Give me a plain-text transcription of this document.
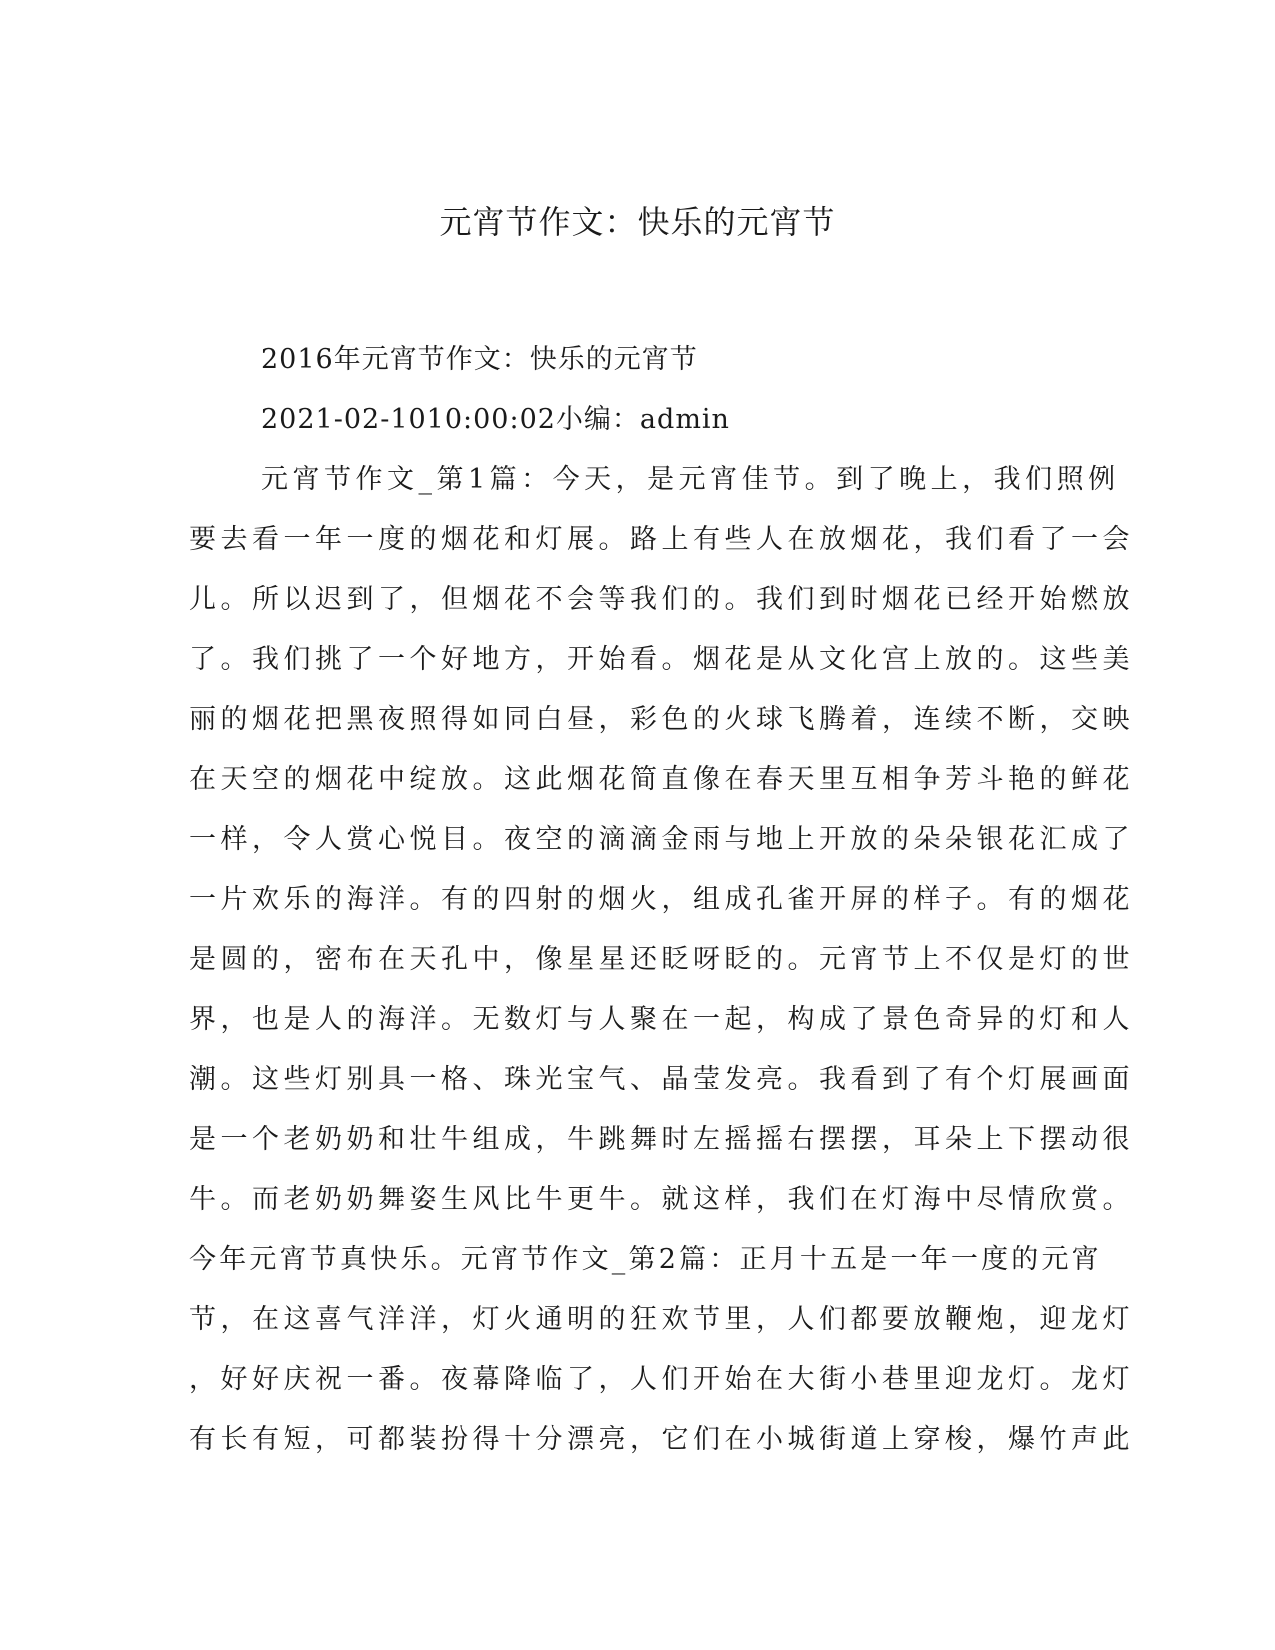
元宵节作文：快乐的元宵节
2016年元宵节作文：快乐的元宵节
2021-02-1010:00:02小编：admin
元宵节作文_第1篇：今天，是元宵佳节。到了晚上，我们照例
要去看一年一度的烟花和灯展。路上有些人在放烟花，我们看了一会
儿。所以迟到了，但烟花不会等我们的。我们到时烟花已经开始燃放
了。我们挑了一个好地方，开始看。烟花是从文化宫上放的。这些美
丽的烟花把黑夜照得如同白昼，彩色的火球飞腾着，连续不断，交映
在天空的烟花中绽放。这此烟花简直像在春天里互相争芳斗艳的鲜花
一样，令人赏心悦目。夜空的滴滴金雨与地上开放的朵朵银花汇成了
一片欢乐的海洋。有的四射的烟火，组成孔雀开屏的样子。有的烟花
是圆的，密布在天孔中，像星星还眨呀眨的。元宵节上不仅是灯的世
界，也是人的海洋。无数灯与人聚在一起，构成了景色奇异的灯和人
潮。这些灯别具一格、珠光宝气、晶莹发亮。我看到了有个灯展画面
是一个老奶奶和壮牛组成，牛跳舞时左摇摇右摆摆，耳朵上下摆动很
牛。而老奶奶舞姿生风比牛更牛。就这样，我们在灯海中尽情欣赏。
今年元宵节真快乐。元宵节作文_第2篇：正月十五是一年一度的元宵
节，在这喜气洋洋，灯火通明的狂欢节里，人们都要放鞭炮，迎龙灯
，好好庆祝一番。夜幕降临了，人们开始在大街小巷里迎龙灯。龙灯
有长有短，可都装扮得十分漂亮，它们在小城街道上穿梭，爆竹声此
